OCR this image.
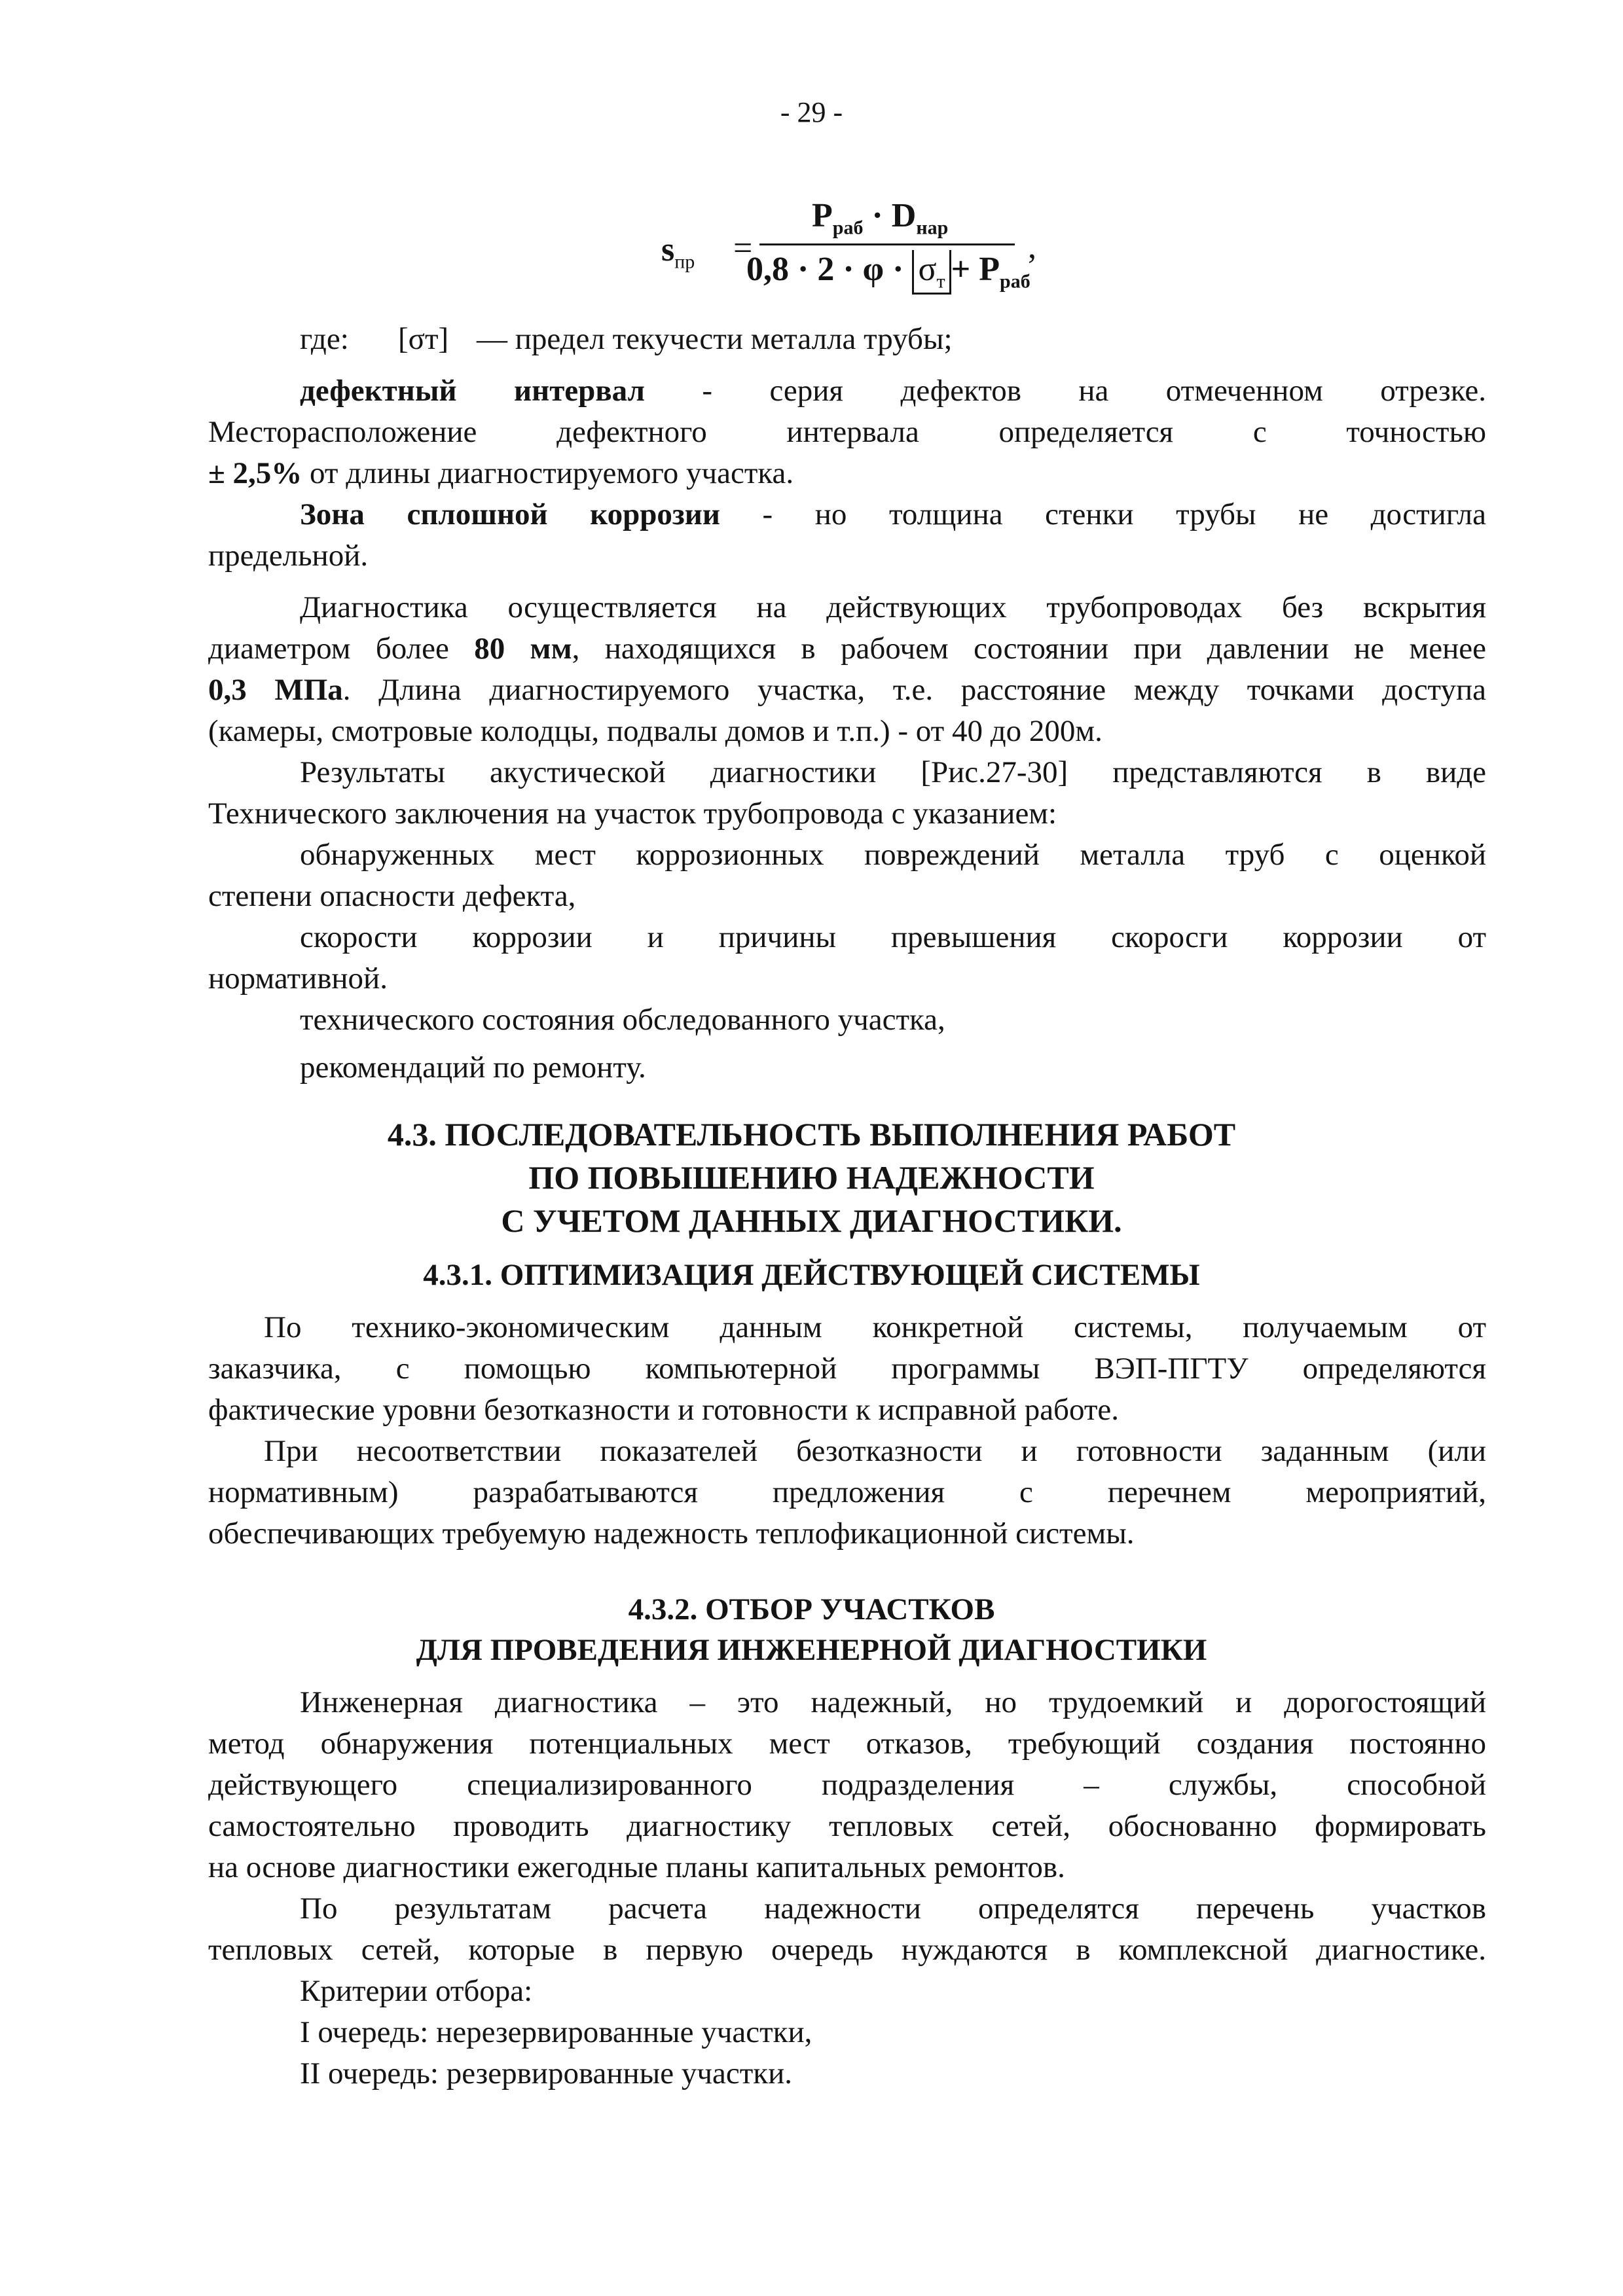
- 29 -
$s_{пр}$ =
$P_{раб} \cdot D_{нар}$
$0,8 \cdot 2 \cdot \varphi \cdot \sigma_т + P_{раб}$
,
где: [σт] — предел текучести металла трубы;
дефектный интервал - серия дефектов на отмеченном отрезке.
Месторасположение дефектного интервала определяется с точностью
± 2,5% от длины диагностируемого участка.
Зона сплошной коррозии - но толщина стенки трубы не достигла
предельной.
Диагностика осуществляется на действующих трубопроводах без вскрытия
диаметром более 80 мм, находящихся в рабочем состоянии при давлении не менее
0,3 МПа. Длина диагностируемого участка, т.е. расстояние между точками доступа
(камеры, смотровые колодцы, подвалы домов и т.п.) - от 40 до 200м.
Результаты акустической диагностики [Рис.27-30] представляются в виде
Технического заключения на участок трубопровода с указанием:
обнаруженных мест коррозионных повреждений металла труб с оценкой
степени опасности дефекта,
скорости коррозии и причины превышения скоросги коррозии от
нормативной.
технического состояния обследованного участка,
рекомендаций по ремонту.
4.3. ПОСЛЕДОВАТЕЛЬНОСТЬ ВЫПОЛНЕНИЯ РАБОТ
ПО ПОВЫШЕНИЮ НАДЕЖНОСТИ
С УЧЕТОМ ДАННЫХ ДИАГНОСТИКИ.
4.3.1. ОПТИМИЗАЦИЯ ДЕЙСТВУЮЩЕЙ СИСТЕМЫ
По технико-экономическим данным конкретной системы, получаемым от
заказчика, с помощью компьютерной программы ВЭП-ПГТУ определяются
фактические уровни безотказности и готовности к исправной работе.
При несоответствии показателей безотказности и готовности заданным (или
нормативным) разрабатываются предложения с перечнем мероприятий,
обеспечивающих требуемую надежность теплофикационной системы.
4.3.2. ОТБОР УЧАСТКОВ
ДЛЯ ПРОВЕДЕНИЯ ИНЖЕНЕРНОЙ ДИАГНОСТИКИ
Инженерная диагностика – это надежный, но трудоемкий и дорогостоящий
метод обнаружения потенциальных мест отказов, требующий создания постоянно
действующего специализированного подразделения – службы, способной
самостоятельно проводить диагностику тепловых сетей, обоснованно формировать
на основе диагностики ежегодные планы капитальных ремонтов.
По результатам расчета надежности определятся перечень участков
тепловых сетей, которые в первую очередь нуждаются в комплексной диагностике.
Критерии отбора:
I очередь: нерезервированные участки,
II очередь: резервированные участки.
